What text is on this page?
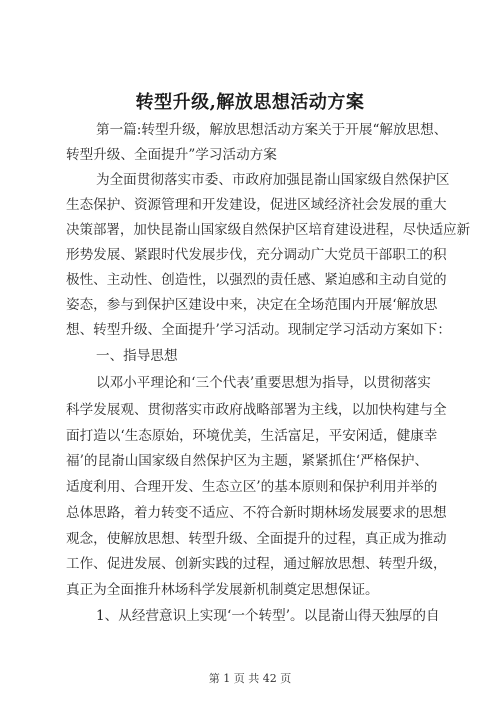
转型升级,解放思想活动方案
第一篇:转型升级，解放思想活动方案关于开展“解放思想、
转型升级、全面提升”学习活动方案
为全面贯彻落实市委、市政府加强昆嵛山国家级自然保护区
生态保护、资源管理和开发建设，促进区域经济社会发展的重大
决策部署，加快昆嵛山国家级自然保护区培育建设进程，尽快适应新
形势发展、紧跟时代发展步伐，充分调动广大党员干部职工的积
极性、主动性、创造性，以强烈的责任感、紧迫感和主动自觉的
姿态，参与到保护区建设中来，决定在全场范围内开展‘解放思
想、转型升级、全面提升’学习活动。现制定学习活动方案如下：
一、指导思想
以邓小平理论和‘三个代表’重要思想为指导，以贯彻落实
科学发展观、贯彻落实市政府战略部署为主线，以加快构建与全
面打造以‘生态原始，环境优美，生活富足，平安闲适，健康幸
福’的昆嵛山国家级自然保护区为主题，紧紧抓住‘严格保护、
适度利用、合理开发、生态立区’的基本原则和保护利用并举的
总体思路，着力转变不适应、不符合新时期林场发展要求的思想
观念，使解放思想、转型升级、全面提升的过程，真正成为推动
工作、促进发展、创新实践的过程，通过解放思想、转型升级，
真正为全面推升林场科学发展新机制奠定思想保证。
1、从经营意识上实现‘一个转型’。以昆嵛山得天独厚的自
第 1 页 共 42 页
